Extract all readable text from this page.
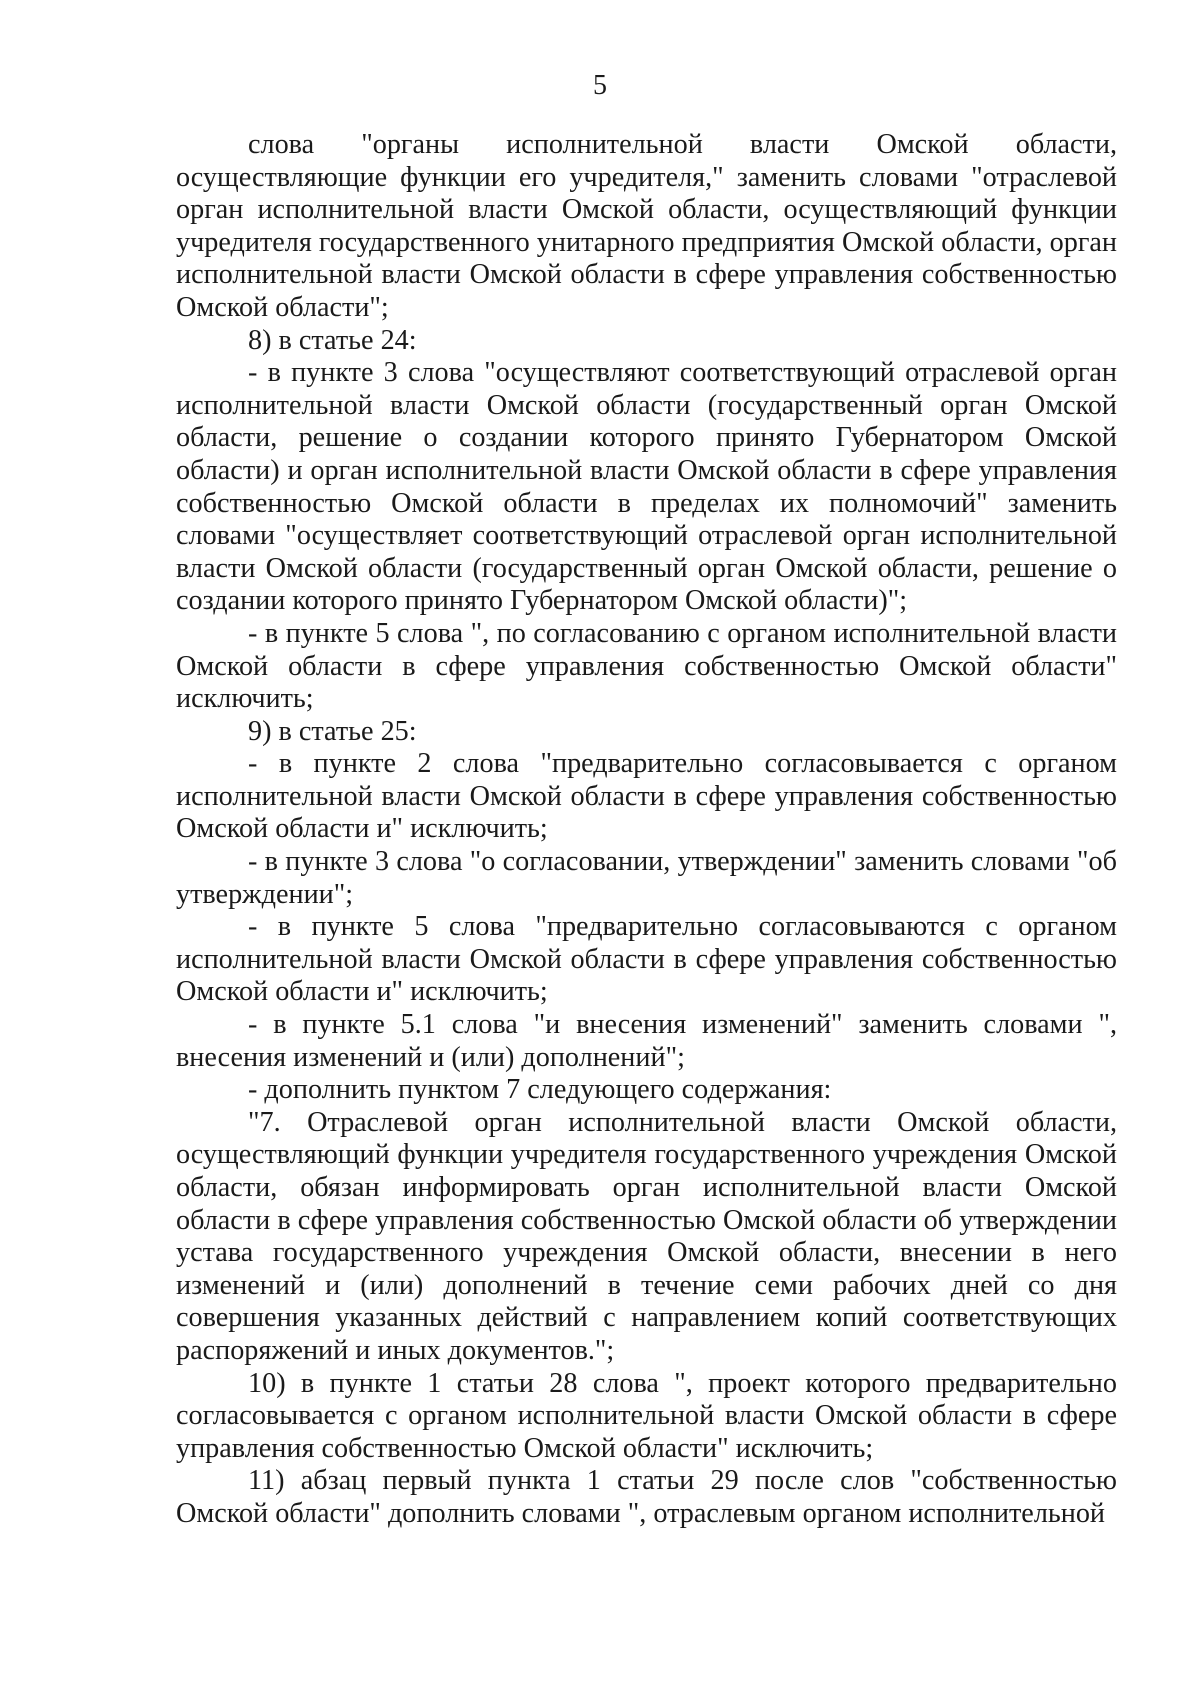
5

слова "органы исполнительной власти Омской области, осуществляющие функции его учредителя," заменить словами "отраслевой орган исполнительной власти Омской области, осуществляющий функции учредителя государственного унитарного предприятия Омской области, орган исполнительной власти Омской области в сфере управления собственностью Омской области";

8) в статье 24:

- в пункте 3 слова "осуществляют соответствующий отраслевой орган исполнительной власти Омской области (государственный орган Омской области, решение о создании которого принято Губернатором Омской области) и орган исполнительной власти Омской области в сфере управления собственностью Омской области в пределах их полномочий" заменить словами "осуществляет соответствующий отраслевой орган исполнительной власти Омской области (государственный орган Омской области, решение о создании которого принято Губернатором Омской области)";

- в пункте 5 слова ", по согласованию с органом исполнительной власти Омской области в сфере управления собственностью Омской области" исключить;

9) в статье 25:

- в пункте 2 слова "предварительно согласовывается с органом исполнительной власти Омской области в сфере управления собственностью Омской области и" исключить;

- в пункте 3 слова "о согласовании, утверждении" заменить словами "об утверждении";

- в пункте 5 слова "предварительно согласовываются с органом исполнительной власти Омской области в сфере управления собственностью Омской области и" исключить;

- в пункте 5.1 слова "и внесения изменений" заменить словами ", внесения изменений и (или) дополнений";

- дополнить пунктом 7 следующего содержания:

"7. Отраслевой орган исполнительной власти Омской области, осуществляющий функции учредителя государственного учреждения Омской области, обязан информировать орган исполнительной власти Омской области в сфере управления собственностью Омской области об утверждении устава государственного учреждения Омской области, внесении в него изменений и (или) дополнений в течение семи рабочих дней со дня совершения указанных действий с направлением копий соответствующих распоряжений и иных документов.";

10) в пункте 1 статьи 28 слова ", проект которого предварительно согласовывается с органом исполнительной власти Омской области в сфере управления собственностью Омской области" исключить;

11) абзац первый пункта 1 статьи 29 после слов "собственностью Омской области" дополнить словами ", отраслевым органом исполнительной
